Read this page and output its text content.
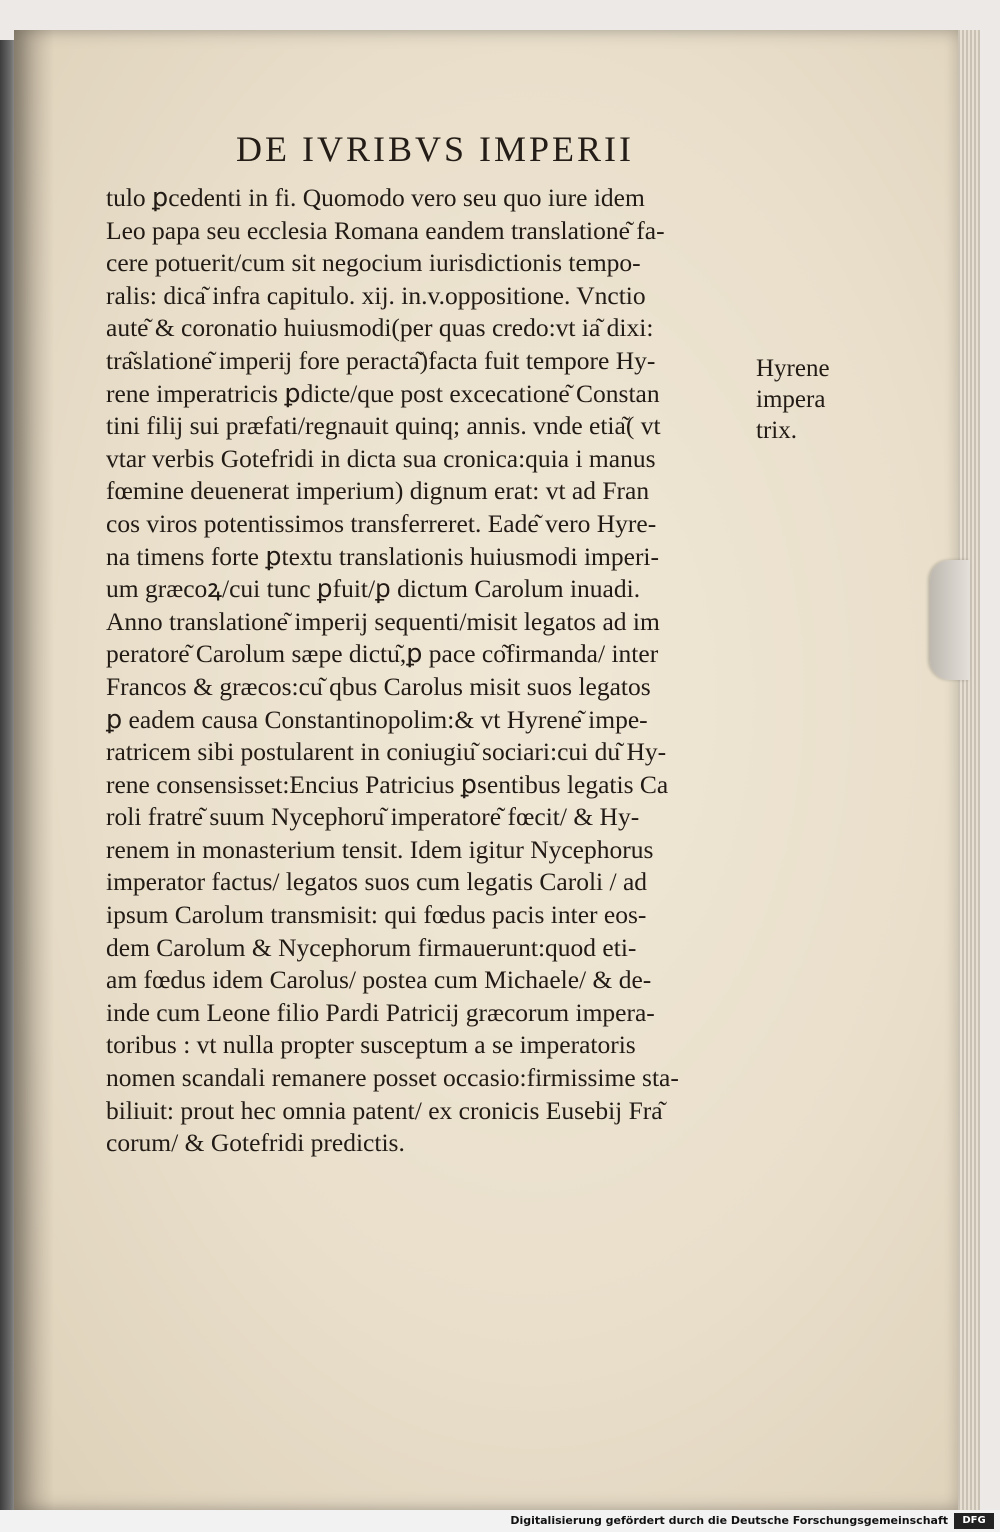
DE IVRIBVS IMPERII
tulo ꝑcedenti in fi. Quomodo vero seu quo iure idem
Leo papa seu ecclesia Romana eandem translatione͂ fa-
cere potuerit/cum sit negocium iurisdictionis tempo-
ralis: dica͂ infra capitulo. xij. in.v.oppositione. Vnctio
aute͂ & coronatio huiusmodi(per quas credo:vt ia͂ dixi:
tra͂slatione͂ imperij fore peracta͂)facta fuit tempore Hy-
rene imperatricis ꝑdicte/que post excecatione͂ Constan
tini filij sui præfati/regnauit quinq; annis. vnde etia͂( vt
vtar verbis Gotefridi in dicta sua cronica:quia i manus
fœmine deuenerat imperium) dignum erat: vt ad Fran
cos viros potentissimos transferreret. Eade͂ vero Hyre-
na timens forte ꝑtextu translationis huiusmodi imperi-
um græcoꝝ/cui tunc ꝑfuit/ꝑ dictum Carolum inuadi.
Anno translatione͂ imperij sequenti/misit legatos ad im
peratore͂ Carolum sæpe dictu͂,ꝑ pace co͂firmanda/ inter
Francos & græcos:cu͂ qbus Carolus misit suos legatos
ꝑ eadem causa Constantinopolim:& vt Hyrene͂ impe-
ratricem sibi postularent in coniugiu͂ sociari:cui du͂ Hy-
rene consensisset:Encius Patricius ꝑsentibus legatis Ca
roli fratre͂ suum Nycephoru͂ imperatore͂ fœcit/ & Hy-
renem in monasterium tensit. Idem igitur Nycephorus
imperator factus/ legatos suos cum legatis Caroli / ad
ipsum Carolum transmisit: qui fœdus pacis inter eos-
dem Carolum & Nycephorum firmauerunt:quod eti-
am fœdus idem Carolus/ postea cum Michaele/ & de-
inde cum Leone filio Pardi Patricij græcorum impera-
toribus : vt nulla propter susceptum a se imperatoris
nomen scandali remanere posset occasio:firmissime sta-
biliuit: prout hec omnia patent/ ex cronicis Eusebij Fra͂
corum/ & Gotefridi predictis.
Hyrene
impera
trix.
Digitalisierung gefördert durch die Deutsche Forschungsgemeinschaft	DFG
